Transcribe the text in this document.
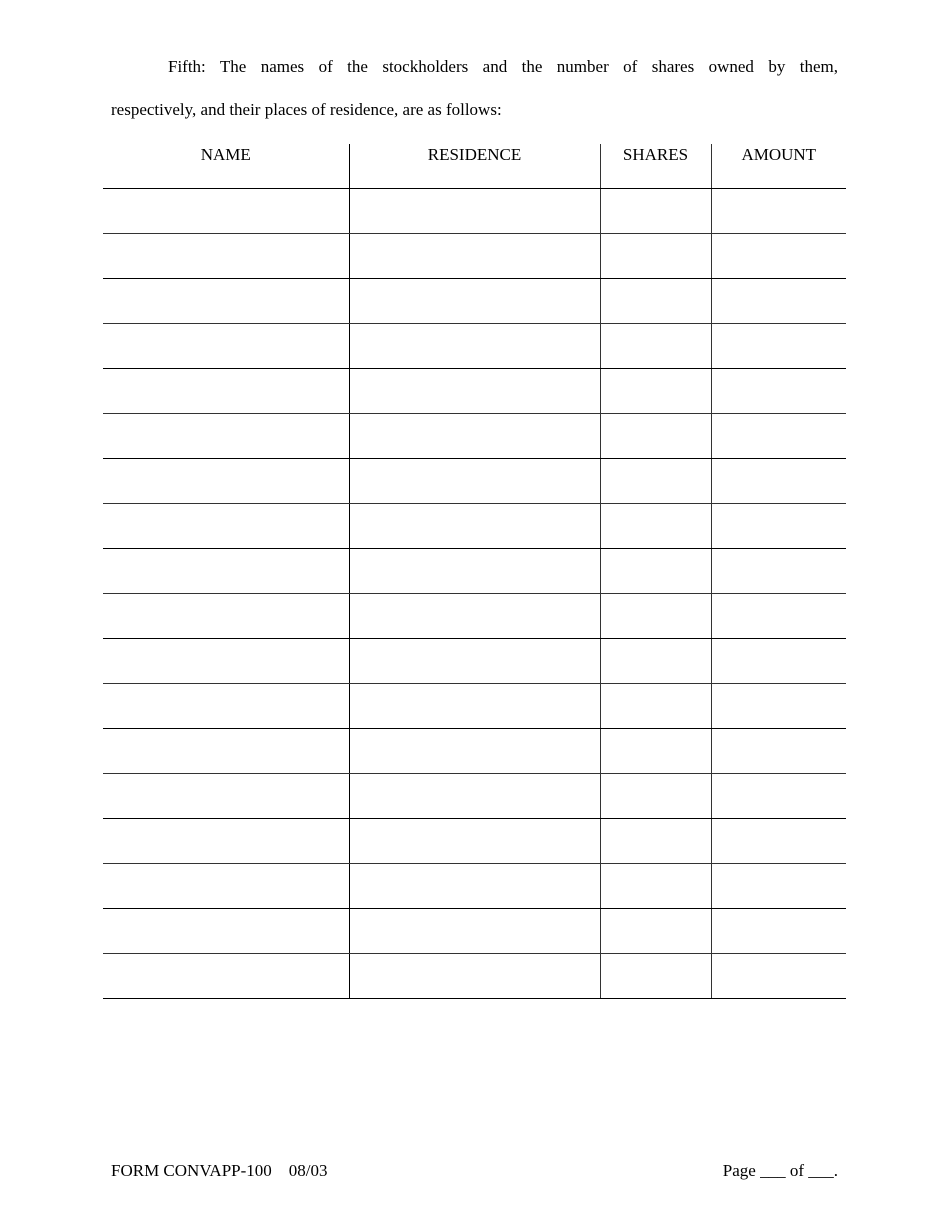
Fifth: The names of the stockholders and the number of shares owned by them,
respectively, and their places of residence, are as follows:
NAME	RESIDENCE	SHARES	AMOUNT

FORM CONVAPP-100    08/03	Page ___ of ___.
